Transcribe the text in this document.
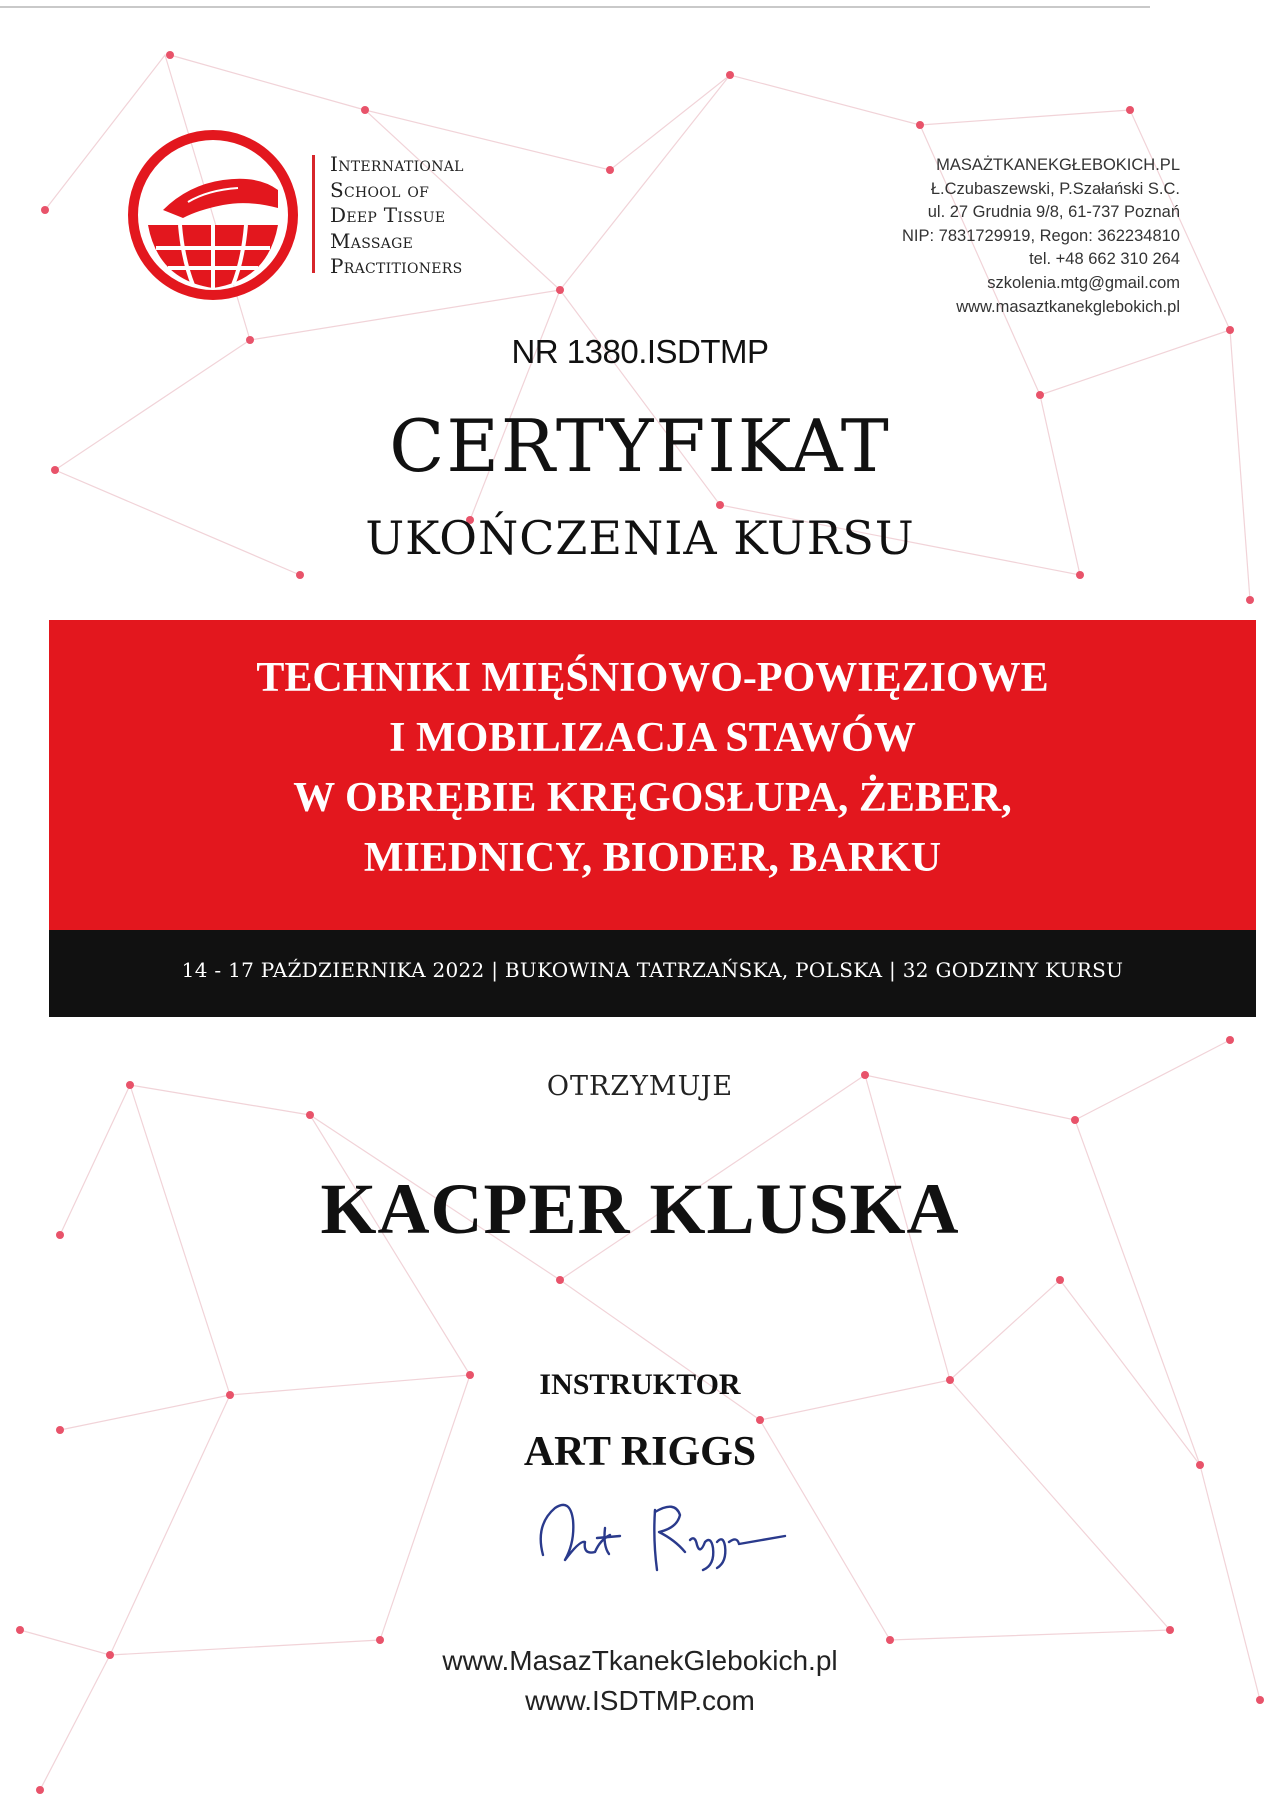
International
School of
Deep Tissue
Massage
Practitioners
MASAŻTKANEKGŁEBOKICH.PL
Ł.Czubaszewski, P.Szałański S.C.
ul. 27 Grudnia 9/8, 61-737 Poznań
NIP: 7831729919, Regon: 362234810
tel. +48 662 310 264
szkolenia.mtg@gmail.com
www.masaztkanekglebokich.pl
NR 1380.ISDTMP
CERTYFIKAT
UKOŃCZENIA KURSU
TECHNIKI MIĘŚNIOWO-POWIĘZIOWE
I MOBILIZACJA STAWÓW
W OBRĘBIE KRĘGOSŁUPA, ŻEBER,
MIEDNICY, BIODER, BARKU
14 - 17 PAŹDZIERNIKA 2022 | BUKOWINA TATRZAŃSKA, POLSKA | 32 GODZINY KURSU
OTRZYMUJE
KACPER KLUSKA
INSTRUKTOR
ART RIGGS
www.MasazTkanekGlebokich.pl
www.ISDTMP.com
